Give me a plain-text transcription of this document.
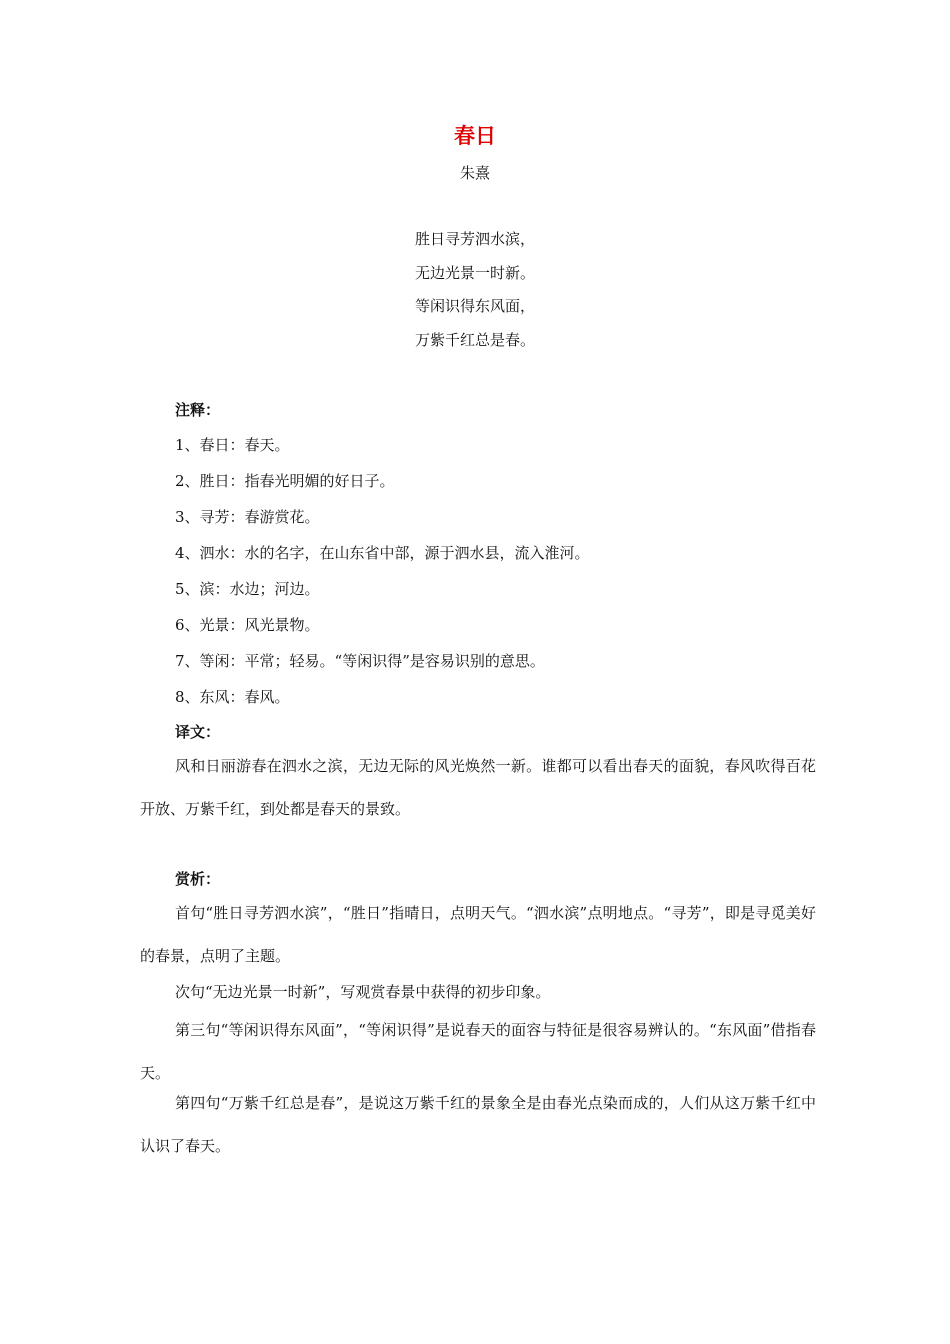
春日
朱熹
胜日寻芳泗水滨，
无边光景一时新。
等闲识得东风面，
万紫千红总是春。
注释：
1、春日：春天。
2、胜日：指春光明媚的好日子。
3、寻芳：春游赏花。
4、泗水：水的名字，在山东省中部，源于泗水县，流入淮河。
5、滨：水边；河边。
6、光景：风光景物。
7、等闲：平常；轻易。“等闲识得”是容易识别的意思。
8、东风：春风。
译文：
风和日丽游春在泗水之滨，无边无际的风光焕然一新。谁都可以看出春天的面貌，春风吹得百花开放、万紫千红，到处都是春天的景致。
赏析：
首句“胜日寻芳泗水滨”，“胜日”指晴日，点明天气。“泗水滨”点明地点。“寻芳”，即是寻觅美好的春景，点明了主题。
次句“无边光景一时新”，写观赏春景中获得的初步印象。
第三句“等闲识得东风面”，“等闲识得”是说春天的面容与特征是很容易辨认的。“东风面”借指春天。
第四句“万紫千红总是春”，是说这万紫千红的景象全是由春光点染而成的，人们从这万紫千红中认识了春天。
